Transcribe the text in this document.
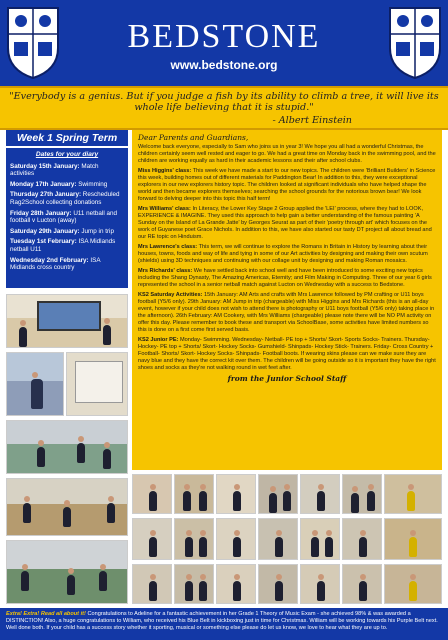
BEDSTONE
www.bedstone.org
"Everybody is a genius. But if you judge a fish by its ability to climb a tree, it will live its whole life believing that it is stupid."
- Albert Einstein
Week 1 Spring Term
Dates for your diary
Saturday 15th January: Match activities
Monday 17th January: Swimming
Thursday 27th January: Rescheduled Rag2School collecting donations
Friday 28th January: U11 netball and football v Lucton (away)
Saturday 29th January: Jump in trip
Tuesday 1st February: ISA Midlands netball U11
Wednesday 2nd February: ISA Midlands cross country

Dear Parents and Guardians,

Welcome back everyone, especially to Sam who joins us in year 3! We hope you all had a wonderful Christmas, the children certainly seem well rested and eager to go. We had a great time on Monday back in the swimming pool, and the children are working equally as hard in their academic lessons and their after school clubs.

Miss Higgins' class: This week we have made a start to our new topics. The children were 'Brilliant Builders' in Science this week, building homes out of different materials for Paddington Bear! In addition to this, they were exceptional explorers in our new explorers history topic. The children looked at significant individuals who have helped shape the world and then became explorers themselves; searching the school grounds for the notorious brown bear! We look forward to delving deeper into this topic this half term!

Mrs Williams' class: In Literacy, the Lower Key Stage 2 Group applied the 'LEI' process, where they had to LOOK, EXPERIENCE & IMAGINE. They used this approach to help gain a better understanding of the famous painting 'A Sunday on the Island of La Grande Jatte' by Georges Seurat as part of their 'poetry through art' which focuses on the work of Guyanese poet Grace Nichols. In addition to this, we have also started our tasty DT project all about bread and our RE topic on Hinduism.

Mrs Lawrence's class: This term, we will continue to explore the Romans in Britain in History by learning about their houses, towns, foods and way of life and tying in some of our Art activities by designing and making their own scutum (shields) using 3D techniques and continuing with our collage unit by designing and making Roman mosaics.

Mrs Richards' class: We have settled back into school well and have been introduced to some exciting new topics including the Shang Dynasty, The Amazing Americas, Eternity; and Film Making in Computing. Three of our year 6 girls represented the school in a senior netball match against Lucton on Wednesday with a success to Bedstone.

KS2 Saturday Activities: 15th January: AM Arts and crafts with Mrs Lawrence followed by PM crafting or U11 boys football (Y5/6 only). 29th January: AM Jump in trip (chargeable) with Miss Higgins and Mrs Richards (this is an all-day event, however if your child does not wish to attend there is photography or U11 boys football (Y5/6 only) taking place in the afternoon). 26th February: AM Cookery, with Mrs Williams (chargeable) please note there will be NO PM activity on offer this day. Please remember to book these and transport via SchoolBase, some activities have limited numbers so this is done on a first come first served basis.

KS2 Junior PE: Monday- Swimming. Wednesday- Netball- PE top + Shorts/ Skort- Sports Socks- Trainers. Thursday- Hockey- PE top + Shorts/ Skort- Hockey Socks- Gumshield- Shinpads- Hockey Stick- Trainers. Friday- Cross Country + Football- Shorts/ Skort- Hockey Socks- Shinpads- Football boots. If wearing skins please can we make sure they are navy blue and they have the correct kit over them. The children will be going outside so it is important they have the right shoes and socks as they're not walking round in wet feet after.

from the Junior School Staff

Extra! Extra! Read all about it! Congratulations to Adeline for a fantastic achievement in her Grade 1 Theory of Music Exam - she achieved 98% & was awarded a DISTINCTION! Also, a huge congratulations to William, who received his Blue Belt in kickboxing just in time for Christmas. William will be working towards his Purple Belt next. Well done both. If your child has a success story whether it sporting, musical or something else please do let us know, we love to hear what they are up to.
